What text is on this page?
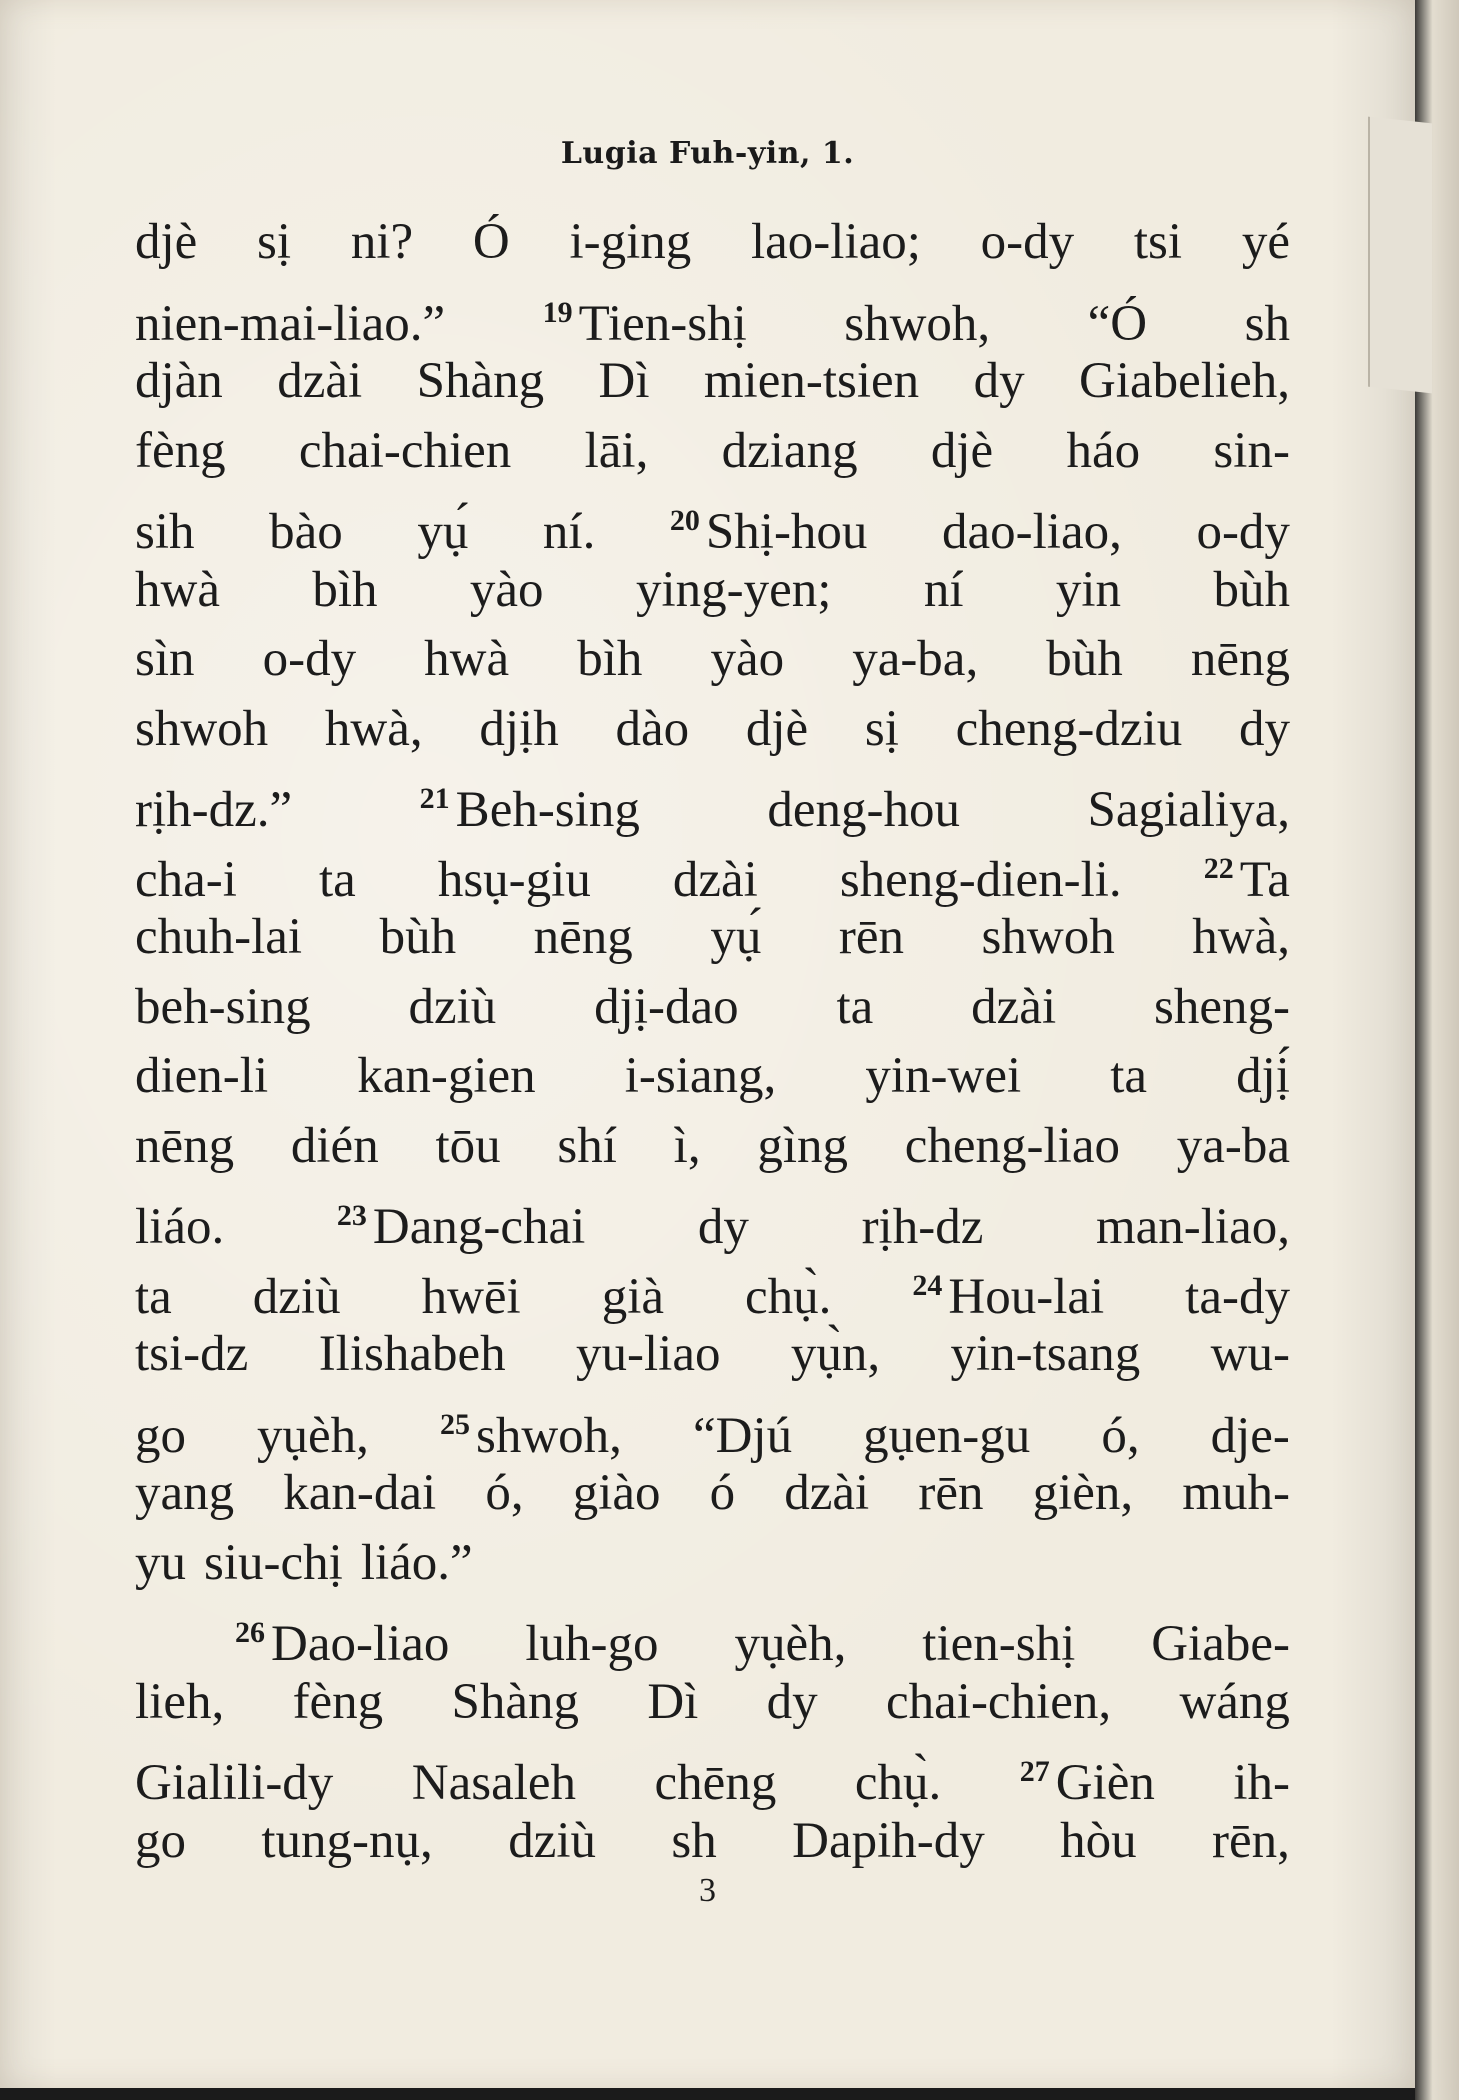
Lugia Fuh-yin, 1.
djè sị ni? Ó i-ging lao-liao; o-dy tsi yé
nien-mai-liao.”	$^{19}$ Tien-shị shwoh, “Ó sh
djàn dzài Shàng Dì mien-tsien dy Giabelieh,
fèng chai-chien lāi, dziang djè háo sin-
sih bào yụ́ ní. $^{20}$ Shị-hou dao-liao, o-dy
hwà bìh yào ying-yen; ní yin bùh
sìn o-dy hwà bìh yào ya-ba, bùh nēng
shwoh hwà, djịh dào djè sị cheng-dziu dy
rịh-dz.”	$^{21}$ Beh-sing	deng-hou	Sagialiya,
cha-i ta hsụ-giu dzài sheng-dien-li.	$^{22}$ Ta
chuh-lai bùh nēng yụ́ rēn shwoh hwà,
beh-sing dziù djị-dao ta dzài sheng-
dien-li kan-gien i-siang, yin-wei ta djị́
nēng dién tōu shí ì, gìng cheng-liao ya-ba
liáo.	$^{23}$ Dang-chai dy rịh-dz man-liao,
ta dziù hwēi già chụ̀.	$^{24}$ Hou-lai ta-dy
tsi-dz Ilishabeh yu-liao yụ̀n, yin-tsang wu-
go yụèh, $^{25}$ shwoh, “Djú gụen-gu ó, dje-
yang kan-dai ó, giào ó dzài rēn gièn, muh-
yu siu-chị liáo.”
$^{26}$ Dao-liao luh-go yụèh, tien-shị Giabe-
lieh, fèng Shàng Dì dy chai-chien, wáng
Gialili-dy Nasaleh chēng chụ̀.	$^{27}$ Gièn ih-
go tung-nụ, dziù sh Dapih-dy hòu rēn,
3
